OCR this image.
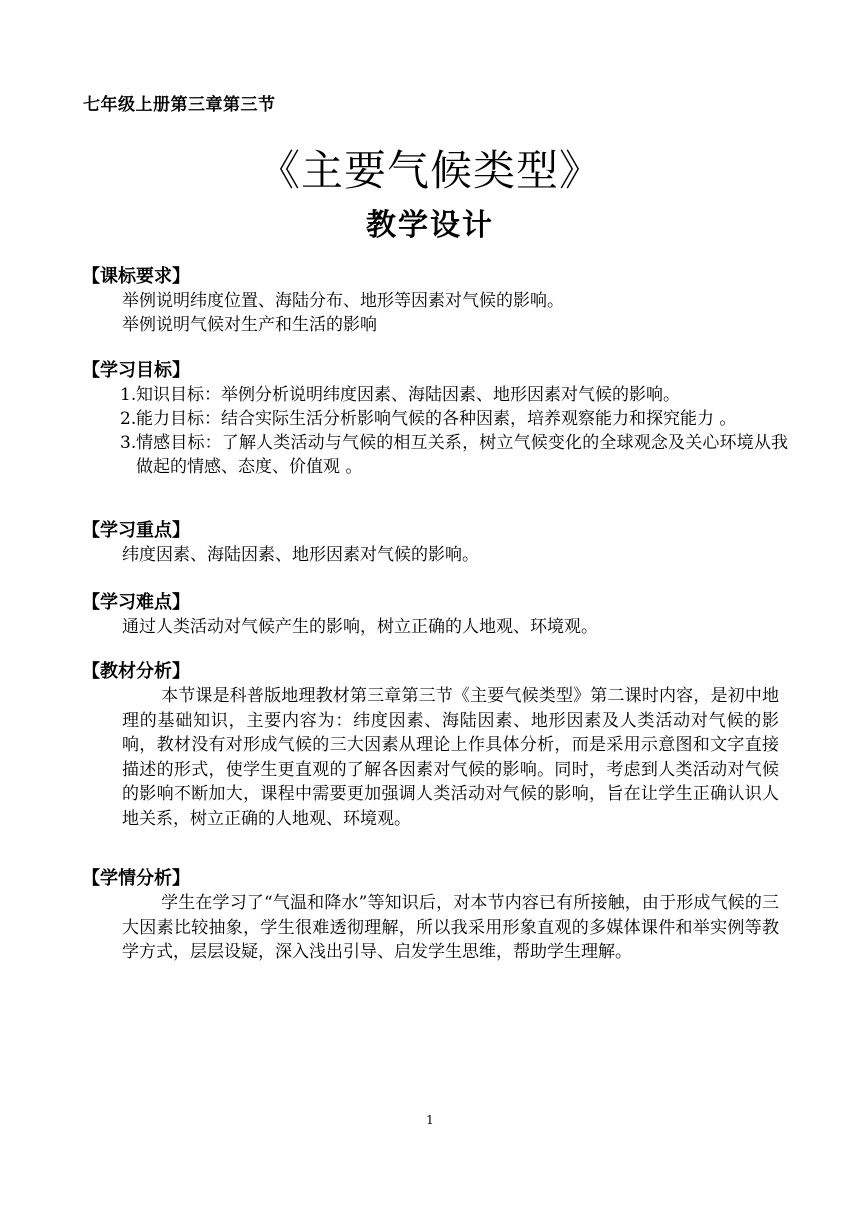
七年级上册第三章第三节
《主要气候类型》
教学设计
【课标要求】
举例说明纬度位置、海陆分布、地形等因素对气候的影响。
举例说明气候对生产和生活的影响
【学习目标】
1. 知识目标：举例分析说明纬度因素、海陆因素、地形因素对气候的影响。
2. 能力目标：结合实际生活分析影响气候的各种因素，培养观察能力和探究能力 。
3. 情感目标：了解人类活动与气候的相互关系，树立气候变化的全球观念及关心环境从我做起的情感、态度、价值观 。
【学习重点】
纬度因素、海陆因素、地形因素对气候的影响。
【学习难点】
通过人类活动对气候产生的影响，树立正确的人地观、环境观。
【教材分析】
本节课是科普版地理教材第三章第三节《主要气候类型》第二课时内容，是初中地理的基础知识，主要内容为：纬度因素、海陆因素、地形因素及人类活动对气候的影响，教材没有对形成气候的三大因素从理论上作具体分析，而是采用示意图和文字直接描述的形式，使学生更直观的了解各因素对气候的影响。同时，考虑到人类活动对气候的影响不断加大，课程中需要更加强调人类活动对气候的影响，旨在让学生正确认识人地关系，树立正确的人地观、环境观。
【学情分析】
学生在学习了“气温和降水”等知识后，对本节内容已有所接触，由于形成气候的三大因素比较抽象，学生很难透彻理解，所以我采用形象直观的多媒体课件和举实例等教学方式，层层设疑，深入浅出引导、启发学生思维，帮助学生理解。
1
